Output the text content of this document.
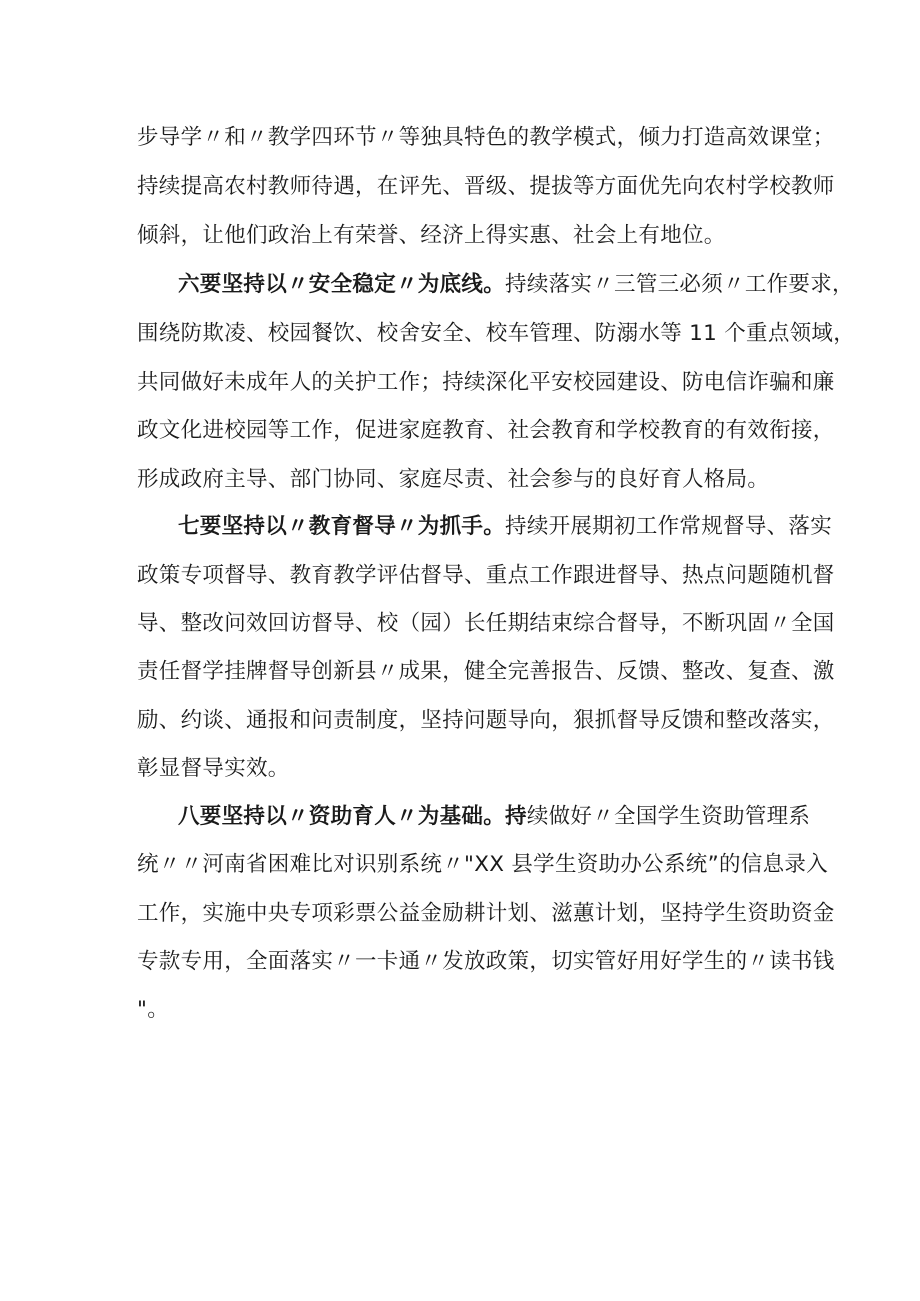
步导学〃和〃教学四环节〃等独具特色的教学模式，倾力打造高效课堂；
持续提高农村教师待遇，在评先、晋级、提拔等方面优先向农村学校教师
倾斜，让他们政治上有荣誉、经济上得实惠、社会上有地位。
六要坚持以〃安全稳定〃为底线。持续落实〃三管三必须〃工作要求，
围绕防欺凌、校园餐饮、校舍安全、校车管理、防溺水等 11 个重点领域，
共同做好未成年人的关护工作；持续深化平安校园建设、防电信诈骗和廉
政文化进校园等工作，促进家庭教育、社会教育和学校教育的有效衔接，
形成政府主导、部门协同、家庭尽责、社会参与的良好育人格局。
七要坚持以〃教育督导〃为抓手。持续开展期初工作常规督导、落实
政策专项督导、教育教学评估督导、重点工作跟进督导、热点问题随机督
导、整改问效回访督导、校（园）长任期结束综合督导，不断巩固〃全国
责任督学挂牌督导创新县〃成果，健全完善报告、反馈、整改、复查、激
励、约谈、通报和问责制度，坚持问题导向，狠抓督导反馈和整改落实，
彰显督导实效。
八要坚持以〃资助育人〃为基础。持续做好〃全国学生资助管理系
统〃〃河南省困难比对识别系统〃"XX 县学生资助办公系统”的信息录入
工作，实施中央专项彩票公益金励耕计划、滋蕙计划，坚持学生资助资金
专款专用，全面落实〃一卡通〃发放政策，切实管好用好学生的〃读书钱
"。
